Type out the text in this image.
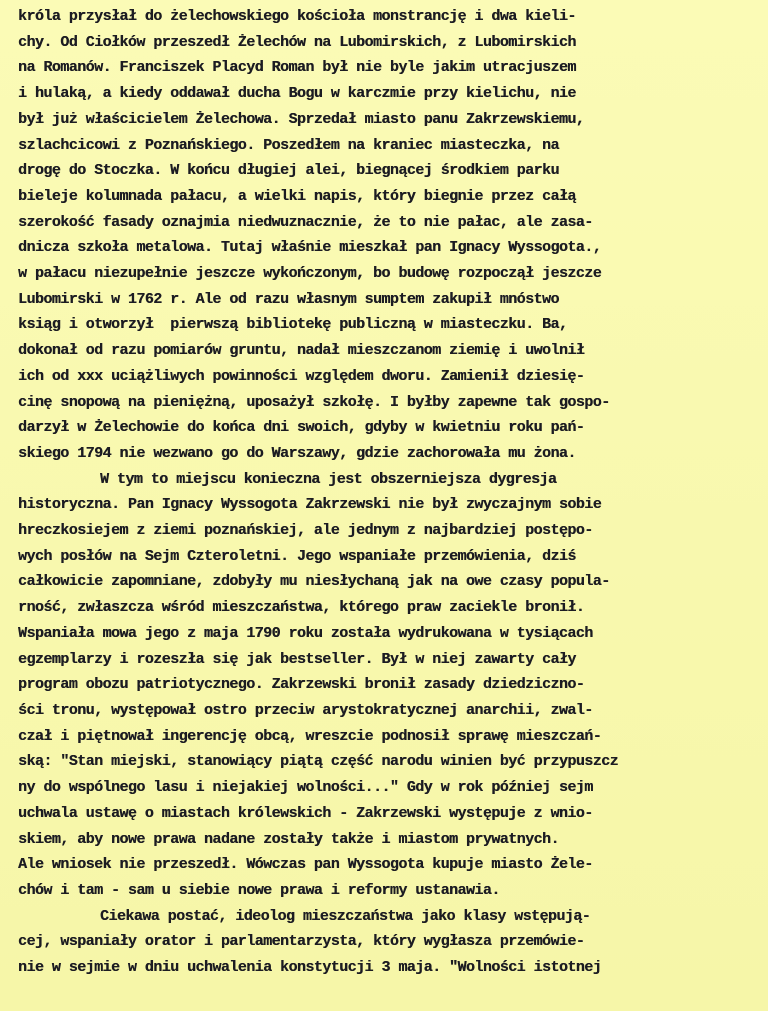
króla przysłał do żelechowskiego kościoła monstrancję i dwa kieli-
chy. Od Ciołków przeszedł Żelechów na Lubomirskich, z Lubomirskich
na Romanów. Franciszek Placyd Roman był nie byle jakim utracjuszem
i hulaką, a kiedy oddawał ducha Bogu w karczmie przy kielichu, nie
był już właścicielem Żelechowa. Sprzedał miasto panu Zakrzewskiemu,
szlachcicowi z Poznańskiego. Poszedłem na kraniec miasteczka, na
drogę do Stoczka. W końcu długiej alei, biegnącej środkiem parku
bieleje kolumnada pałacu, a wielki napis, który biegnie przez całą
szerokość fasady oznajmia niedwuznacznie, że to nie pałac, ale zasa-
dnicza szkoła metalowa. Tutaj właśnie mieszkał pan Ignacy Wyssogota.,
w pałacu niezupełnie jeszcze wykończonym, bo budowę rozpoczął jeszcze
Lubomirski w 1762 r. Ale od razu własnym sumptem zakupił mnóstwo
ksiąg i otworzył  pierwszą bibliotekę publiczną w miasteczku. Ba,
dokonał od razu pomiarów gruntu, nadał mieszczanom ziemię i uwolnił
ich od xxx uciążliwych powinności względem dworu. Zamienił dziesię-
cinę snopową na pieniężną, uposażył szkołę. I byłby zapewne tak gospo-
darzył w Żelechowie do końca dni swoich, gdyby w kwietniu roku pań-
skiego 1794 nie wezwano go do Warszawy, gdzie zachorowała mu żona.
W tym to miejscu konieczna jest obszerniejsza dygresja
historyczna. Pan Ignacy Wyssogota Zakrzewski nie był zwyczajnym sobie
hreczkosiejem z ziemi poznańskiej, ale jednym z najbardziej postępo-
wych posłów na Sejm Czteroletni. Jego wspaniałe przemówienia, dziś
całkowicie zapomniane, zdobyły mu niesłychaną jak na owe czasy popula-
rność, zwłaszcza wśród mieszczaństwa, którego praw zaciekle bronił.
Wspaniała mowa jego z maja 1790 roku została wydrukowana w tysiącach
egzemplarzy i rozeszła się jak bestseller. Był w niej zawarty cały
program obozu patriotycznego. Zakrzewski bronił zasady dziedziczno-
ści tronu, występował ostro przeciw arystokratycznej anarchii, zwal-
czał i piętnował ingerencję obcą, wreszcie podnosił sprawę mieszczań-
ską: "Stan miejski, stanowiący piątą część narodu winien być przypuszcz
ny do wspólnego lasu i niejakiej wolności..." Gdy w rok później sejm
uchwala ustawę o miastach królewskich - Zakrzewski występuje z wnio-
skiem, aby nowe prawa nadane zostały także i miastom prywatnych.
Ale wniosek nie przeszedł. Wówczas pan Wyssogota kupuje miasto Żele-
chów i tam - sam u siebie nowe prawa i reformy ustanawia.
Ciekawa postać, ideolog mieszczaństwa jako klasy wstępują-
cej, wspaniały orator i parlamentarzysta, który wygłasza przemówie-
nie w sejmie w dniu uchwalenia konstytucji 3 maja. "Wolności istotnej
